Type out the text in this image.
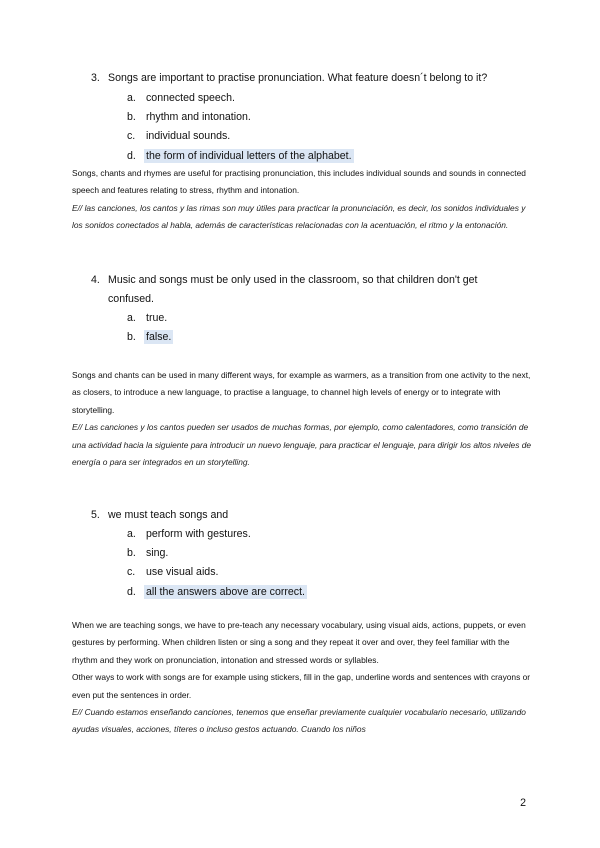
3. Songs are important to practise pronunciation. What feature doesn´t belong to it?
a. connected speech.
b. rhythm and intonation.
c. individual sounds.
d. the form of individual letters of the alphabet.
Songs, chants and rhymes are useful for practising pronunciation, this includes individual sounds and sounds in connected speech and features relating to stress, rhythm and intonation.
E// las canciones, los cantos y las rimas son muy útiles para practicar la pronunciación, es decir, los sonidos individuales y los sonidos conectados al habla, además de características relacionadas con la acentuación, el ritmo y la entonación.
4. Music and songs must be only used in the classroom, so that children don't get
confused.
a. true.
b. false.
Songs and chants can be used in many different ways, for example as warmers, as a transition from one activity to the next, as closers, to introduce a new language, to practise a language, to channel high levels of energy or to integrate with storytelling.
E// Las canciones y los cantos pueden ser usados de muchas formas, por ejemplo, como calentadores, como transición de una actividad hacia la siguiente para introducir un nuevo lenguaje, para practicar el lenguaje, para dirigir los altos niveles de energía o para ser integrados en un storytelling.
5. we must teach songs and
a. perform with gestures.
b. sing.
c. use visual aids.
d. all the answers above are correct.
When we are teaching songs, we have to pre-teach any necessary vocabulary, using visual aids, actions, puppets, or even gestures by performing. When children listen or sing a song and they repeat it over and over, they feel familiar with the rhythm and they work on pronunciation, intonation and stressed words or syllables.
Other ways to work with songs are for example using stickers, fill in the gap, underline words and sentences with crayons or even put the sentences in order.
E// Cuando estamos enseñando canciones, tenemos que enseñar previamente cualquier vocabulario necesario, utilizando ayudas visuales, acciones, títeres o incluso gestos actuando. Cuando los niños
2
